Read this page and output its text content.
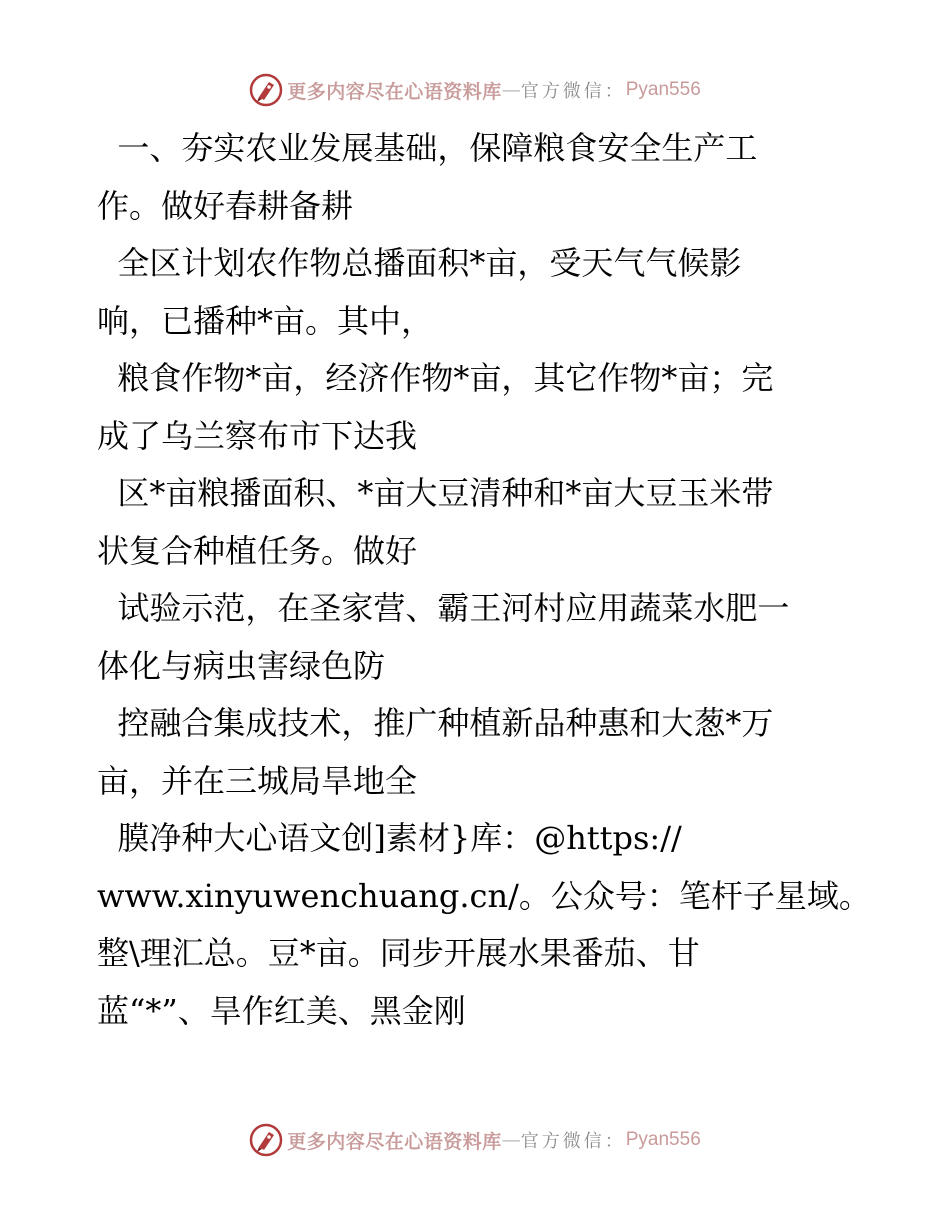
更多内容尽在心语资料库 — 官方微信： Pyan556
一、夯实农业发展基础，保障粮食安全生产工
作。做好春耕备耕
全区计划农作物总播面积*亩，受天气气候影
响，已播种*亩。其中，
粮食作物*亩，经济作物*亩，其它作物*亩；完
成了乌兰察布市下达我
区*亩粮播面积、*亩大豆清种和*亩大豆玉米带
状复合种植任务。做好
试验示范，在圣家营、霸王河村应用蔬菜水肥一
体化与病虫害绿色防
控融合集成技术，推广种植新品种惠和大葱*万
亩，并在三城局旱地全
膜净种大心语文创]素材}库：@https://
www.xinyuwenchuang.cn/。公众号：笔杆子星域。
整\理汇总。豆*亩。同步开展水果番茄、甘
蓝“*”、旱作红美、黑金刚
更多内容尽在心语资料库 — 官方微信： Pyan556
